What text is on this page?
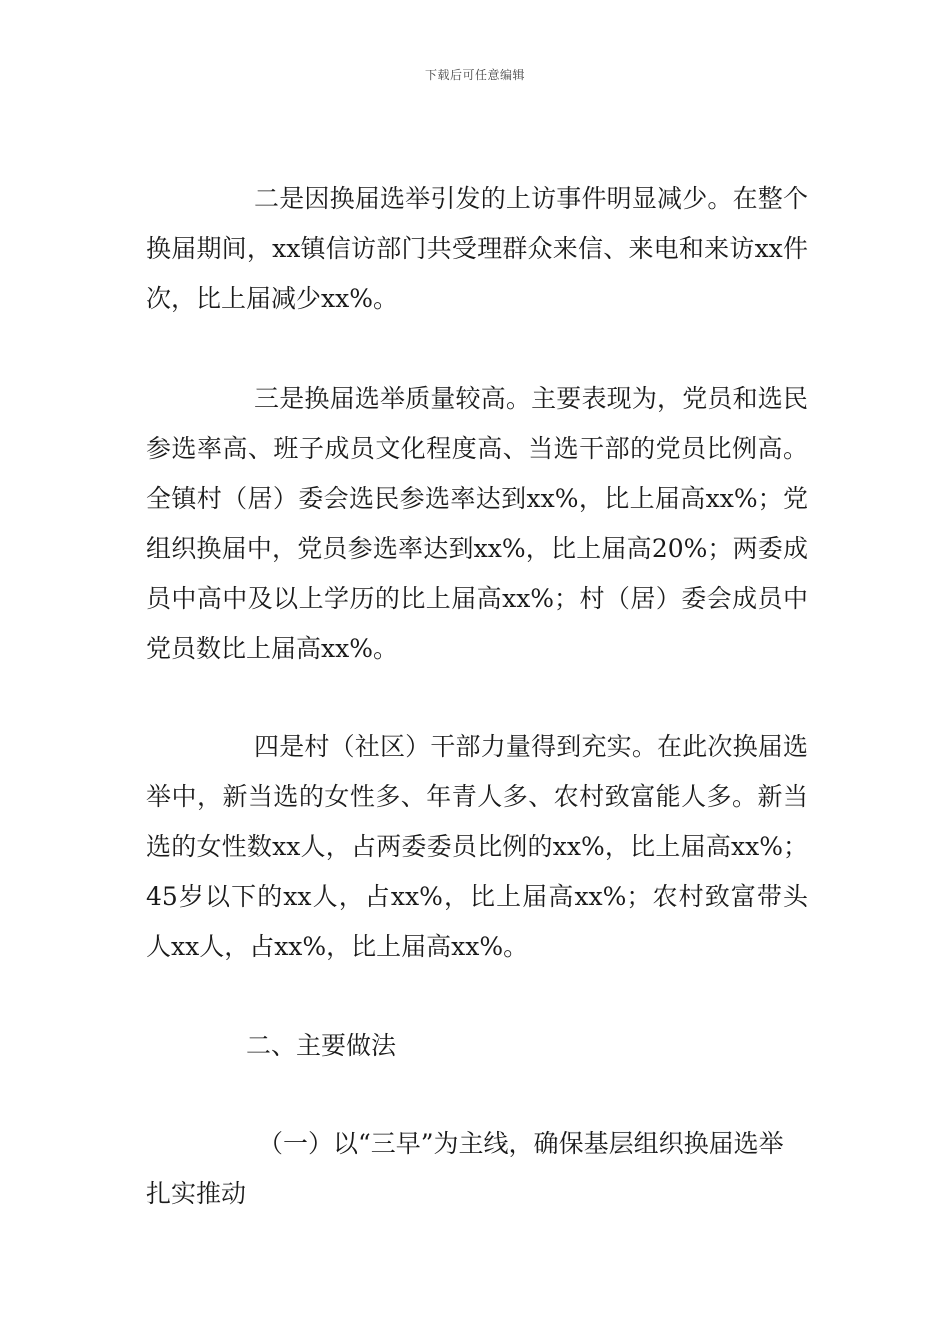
下载后可任意编辑

二是因换届选举引发的上访事件明显减少。在整个换届期间，xx镇信访部门共受理群众来信、来电和来访xx件次，比上届减少xx%。

三是换届选举质量较高。主要表现为，党员和选民参选率高、班子成员文化程度高、当选干部的党员比例高。全镇村（居）委会选民参选率达到xx%，比上届高xx%；党组织换届中，党员参选率达到xx%，比上届高20%；两委成员中高中及以上学历的比上届高xx%；村（居）委会成员中党员数比上届高xx%。

四是村（社区）干部力量得到充实。在此次换届选举中，新当选的女性多、年青人多、农村致富能人多。新当选的女性数xx人，占两委委员比例的xx%，比上届高xx%；45岁以下的xx人，占xx%，比上届高xx%；农村致富带头人xx人，占xx%，比上届高xx%。

二、主要做法

（一）以“三早”为主线，确保基层组织换届选举扎实推动
